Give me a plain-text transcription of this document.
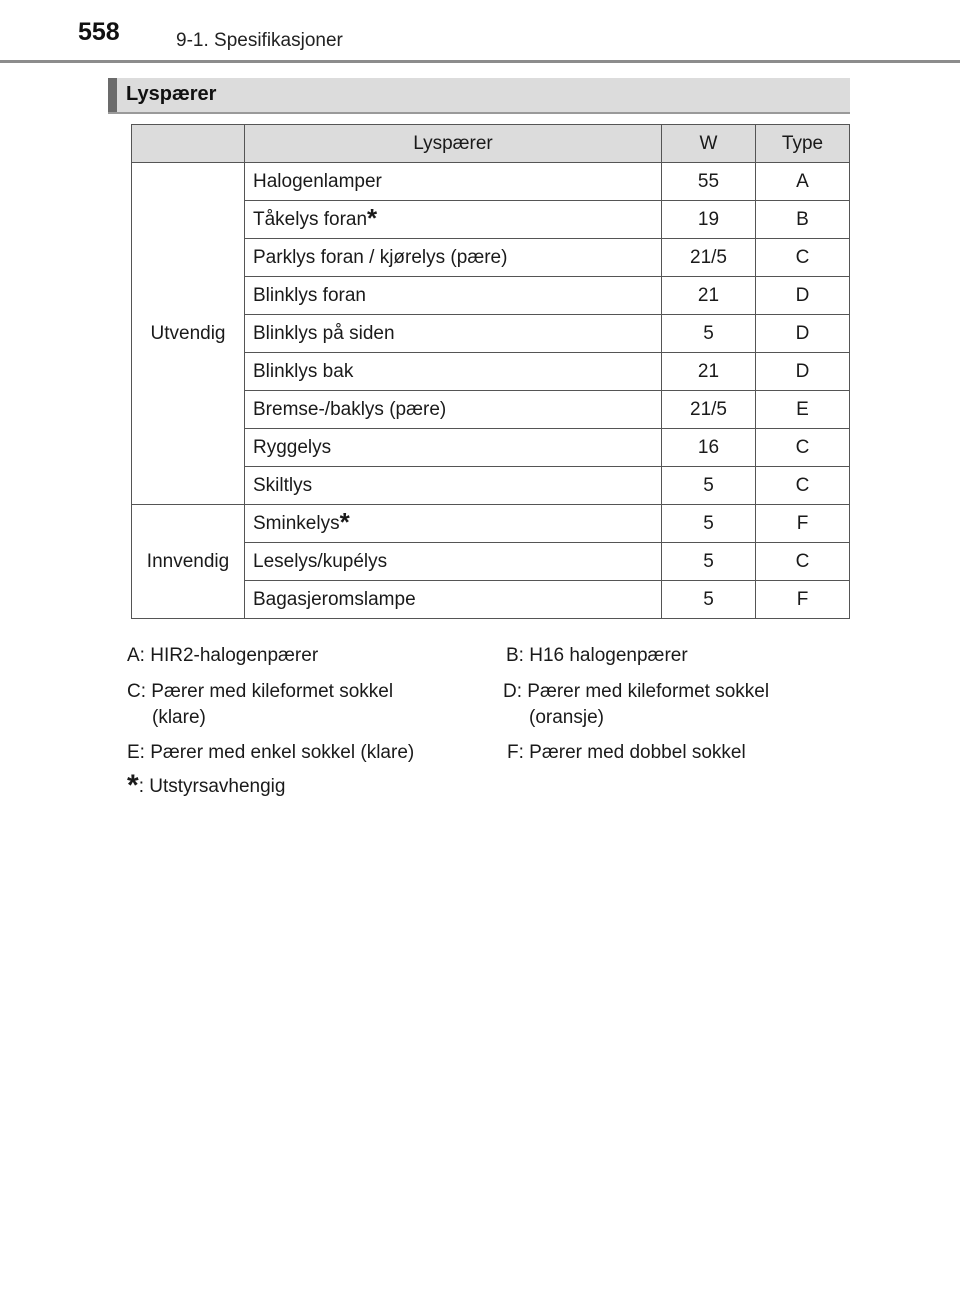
558	9-1. Spesifikasjoner
Lyspærer
	Lyspærer	W	Type
Utvendig	Halogenlamper	55	A
	Tåkelys foran*	19	B
	Parklys foran / kjørelys (pære)	21/5	C
	Blinklys foran	21	D
	Blinklys på siden	5	D
	Blinklys bak	21	D
	Bremse-/baklys (pære)	21/5	E
	Ryggelys	16	C
	Skiltlys	5	C
Innvendig	Sminkelys*	5	F
	Leselys/kupélys	5	C
	Bagasjeromslampe	5	F
A: HIR2-halogenpærer	B: H16 halogenpærer
C: Pærer med kileformet sokkel
(klare)
D: Pærer med kileformet sokkel
(oransje)
E: Pærer med enkel sokkel (klare)	F: Pærer med dobbel sokkel
*: Utstyrsavhengig
